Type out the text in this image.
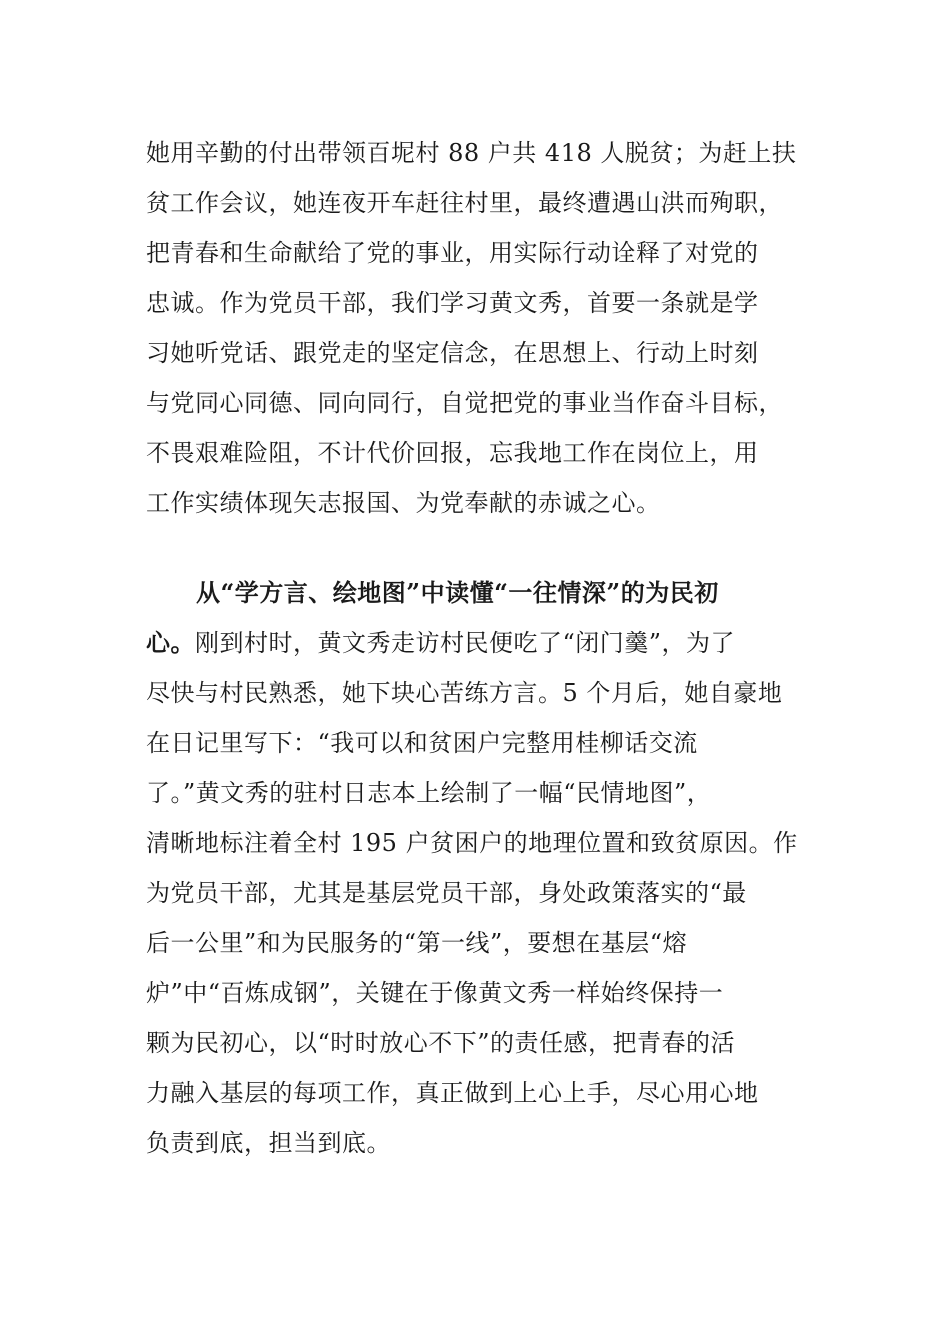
她用辛勤的付出带领百坭村 88 户共 418 人脱贫；为赶上扶
贫工作会议，她连夜开车赶往村里，最终遭遇山洪而殉职，
把青春和生命献给了党的事业，用实际行动诠释了对党的
忠诚。作为党员干部，我们学习黄文秀，首要一条就是学
习她听党话、跟党走的坚定信念，在思想上、行动上时刻
与党同心同德、同向同行，自觉把党的事业当作奋斗目标，
不畏艰难险阻，不计代价回报，忘我地工作在岗位上，用
工作实绩体现矢志报国、为党奉献的赤诚之心。
从“学方言、绘地图”中读懂“一往情深”的为民初
心。刚到村时，黄文秀走访村民便吃了“闭门羹”，为了
尽快与村民熟悉，她下块心苦练方言。5 个月后，她自豪地
在日记里写下：“我可以和贫困户完整用桂柳话交流
了。”黄文秀的驻村日志本上绘制了一幅“民情地图”，
清晰地标注着全村 195 户贫困户的地理位置和致贫原因。作
为党员干部，尤其是基层党员干部，身处政策落实的“最
后一公里”和为民服务的“第一线”，要想在基层“熔
炉”中“百炼成钢”，关键在于像黄文秀一样始终保持一
颗为民初心，以“时时放心不下”的责任感，把青春的活
力融入基层的每项工作，真正做到上心上手，尽心用心地
负责到底，担当到底。
